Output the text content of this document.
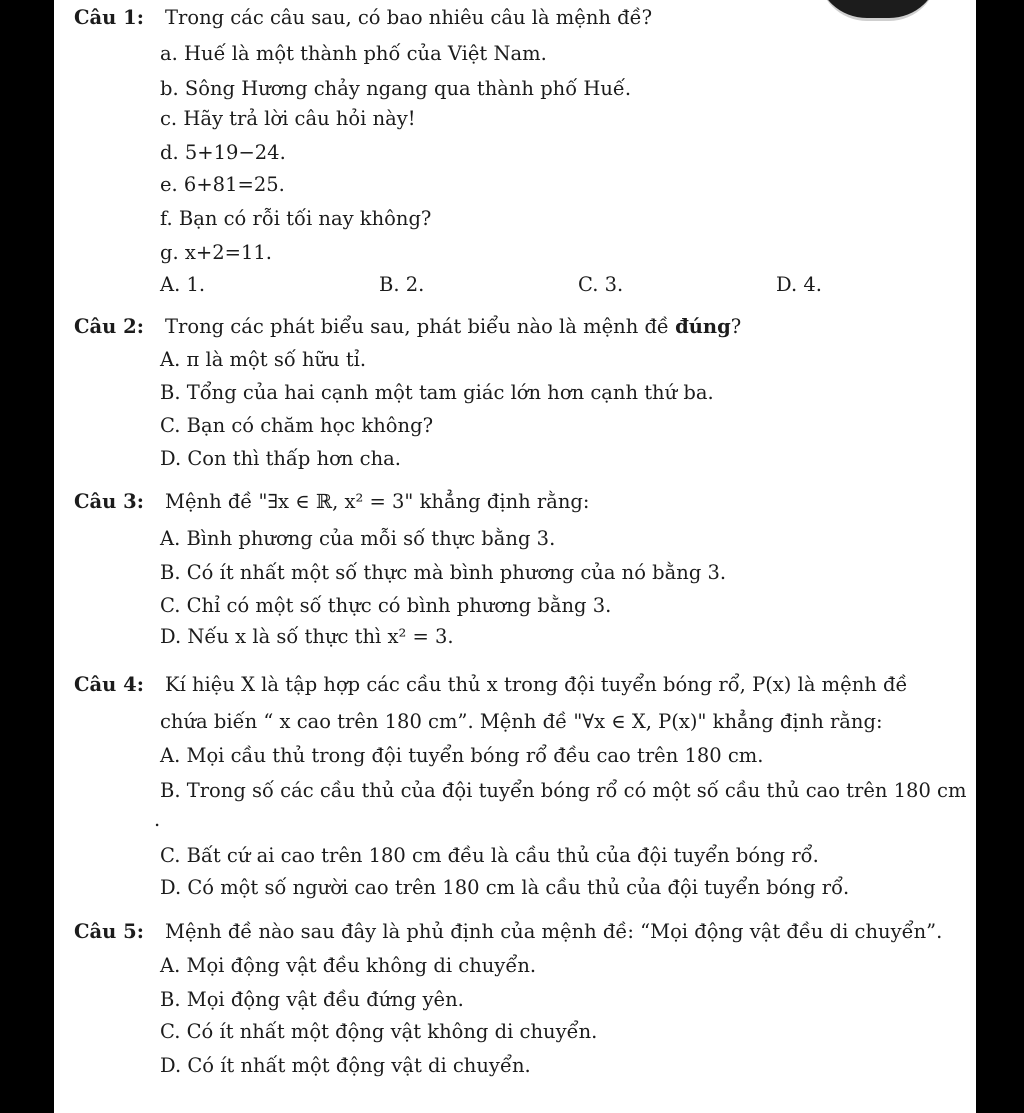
Câu 1: Trong các câu sau, có bao nhiêu câu là mệnh đề?
a. Huế là một thành phố của Việt Nam.
b. Sông Hương chảy ngang qua thành phố Huế.
c. Hãy trả lời câu hỏi này!
d. 5+19−24.
e. 6+81=25.
f. Bạn có rỗi tối nay không?
g. x+2=11.
A. 1.	B. 2.	C. 3.	D. 4.
Câu 2: Trong các phát biểu sau, phát biểu nào là mệnh đề đúng?
A. π là một số hữu tỉ.
B. Tổng của hai cạnh một tam giác lớn hơn cạnh thứ ba.
C. Bạn có chăm học không?
D. Con thì thấp hơn cha.
Câu 3: Mệnh đề "∃x ∈ ℝ, x² = 3" khẳng định rằng:
A. Bình phương của mỗi số thực bằng 3.
B. Có ít nhất một số thực mà bình phương của nó bằng 3.
C. Chỉ có một số thực có bình phương bằng 3.
D. Nếu x là số thực thì x² = 3.
Câu 4: Kí hiệu X là tập hợp các cầu thủ x trong đội tuyển bóng rổ, P(x) là mệnh đề
chứa biến “ x cao trên 180 cm”. Mệnh đề "∀x ∈ X, P(x)" khẳng định rằng:
A. Mọi cầu thủ trong đội tuyển bóng rổ đều cao trên 180 cm.
B. Trong số các cầu thủ của đội tuyển bóng rổ có một số cầu thủ cao trên 180 cm
.
C. Bất cứ ai cao trên 180 cm đều là cầu thủ của đội tuyển bóng rổ.
D. Có một số người cao trên 180 cm là cầu thủ của đội tuyển bóng rổ.
Câu 5: Mệnh đề nào sau đây là phủ định của mệnh đề: “Mọi động vật đều di chuyển”.
A. Mọi động vật đều không di chuyển.
B. Mọi động vật đều đứng yên.
C. Có ít nhất một động vật không di chuyển.
D. Có ít nhất một động vật di chuyển.
